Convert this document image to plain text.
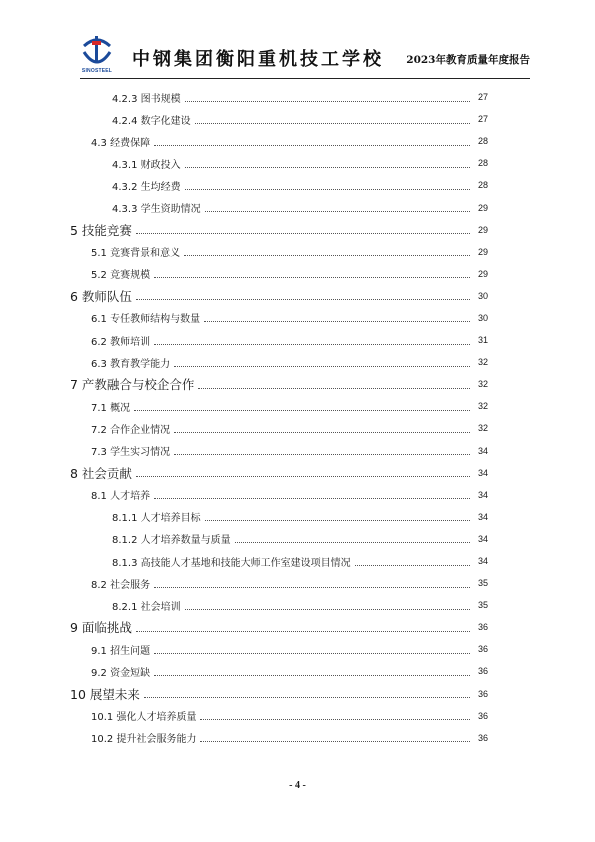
SINOSTEEL
中钢集团衡阳重机技工学校 2023年教育质量年度报告
4.2.3 图书规模	27
4.2.4 数字化建设	27
4.3 经费保障	28
4.3.1 财政投入	28
4.3.2 生均经费	28
4.3.3 学生资助情况	29
5 技能竞赛	29
5.1 竞赛背景和意义	29
5.2 竞赛规模	29
6 教师队伍	30
6.1 专任教师结构与数量	30
6.2 教师培训	31
6.3 教育教学能力	32
7 产教融合与校企合作	32
7.1 概况	32
7.2 合作企业情况	32
7.3 学生实习情况	34
8 社会贡献	34
8.1 人才培养	34
8.1.1 人才培养目标	34
8.1.2 人才培养数量与质量	34
8.1.3 高技能人才基地和技能大师工作室建设项目情况	34
8.2 社会服务	35
8.2.1 社会培训	35
9 面临挑战	36
9.1 招生问题	36
9.2 资金短缺	36
10 展望未来	36
10.1 强化人才培养质量	36
10.2 提升社会服务能力	36
- 4 -
